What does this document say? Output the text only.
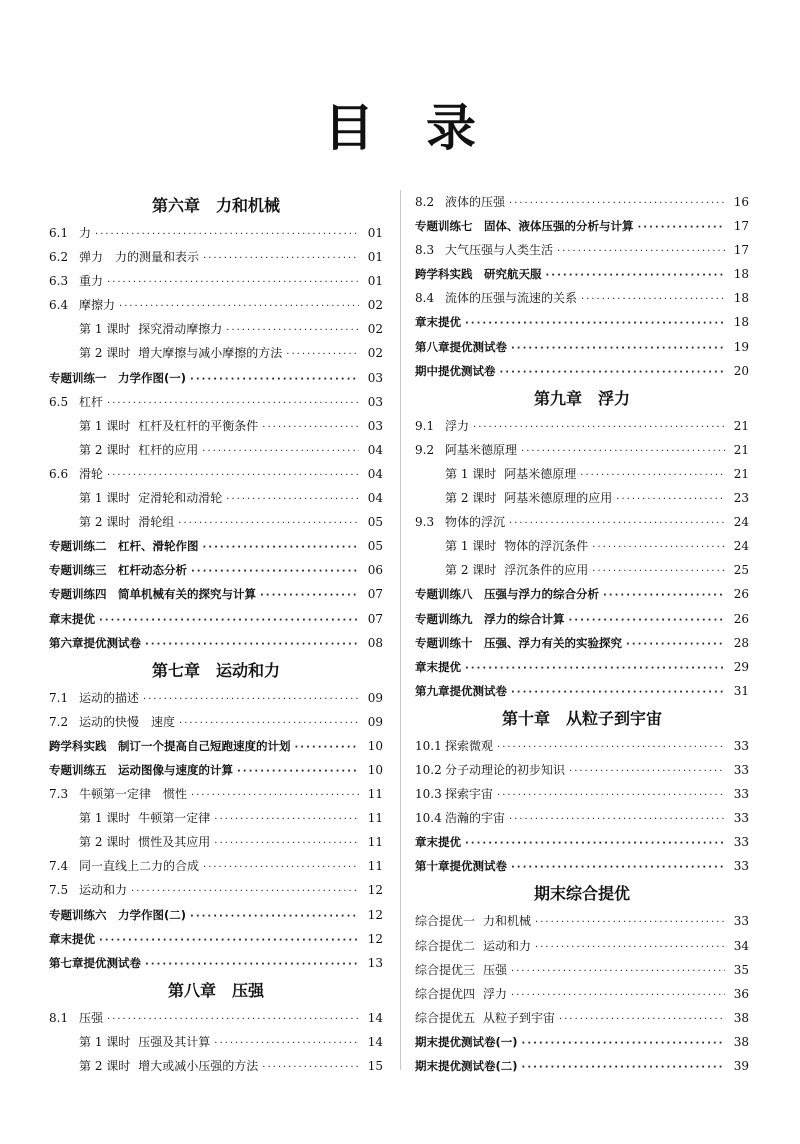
目录
第六章　力和机械
6.1 力 ·····	01
6.2 弹力　力的测量和表示 ·····	01
6.3 重力 ·····	01
6.4 摩擦力 ·····	02
第 1 课时 探究滑动摩擦力 ·····	02
第 2 课时 增大摩擦与减小摩擦的方法 ·····	02
专题训练一　力学作图(一) ·····	03
6.5 杠杆 ·····	03
第 1 课时 杠杆及杠杆的平衡条件 ·····	03
第 2 课时 杠杆的应用 ·····	04
6.6 滑轮 ·····	04
第 1 课时 定滑轮和动滑轮 ·····	04
第 2 课时 滑轮组 ·····	05
专题训练二　杠杆、滑轮作图 ·····	05
专题训练三　杠杆动态分析 ·····	06
专题训练四　简单机械有关的探究与计算 ·····	07
章末提优 ·····	07
第六章提优测试卷 ·····	08
第七章　运动和力
7.1 运动的描述 ·····	09
7.2 运动的快慢　速度 ·····	09
跨学科实践　制订一个提高自己短跑速度的计划 ·····	10
专题训练五　运动图像与速度的计算 ·····	10
7.3 牛顿第一定律　惯性 ·····	11
第 1 课时 牛顿第一定律 ·····	11
第 2 课时 惯性及其应用 ·····	11
7.4 同一直线上二力的合成 ·····	11
7.5 运动和力 ·····	12
专题训练六　力学作图(二) ·····	12
章末提优 ·····	12
第七章提优测试卷 ·····	13
第八章　压强
8.1 压强 ·····	14
第 1 课时 压强及其计算 ·····	14
第 2 课时 增大或减小压强的方法 ·····	15
8.2 液体的压强 ·····	16
专题训练七　固体、液体压强的分析与计算 ·····	17
8.3 大气压强与人类生活 ·····	17
跨学科实践　研究航天服 ·····	18
8.4 流体的压强与流速的关系 ·····	18
章末提优 ·····	18
第八章提优测试卷 ·····	19
期中提优测试卷 ·····	20
第九章　浮力
9.1 浮力 ·····	21
9.2 阿基米德原理 ·····	21
第 1 课时 阿基米德原理 ·····	21
第 2 课时 阿基米德原理的应用 ·····	23
9.3 物体的浮沉 ·····	24
第 1 课时 物体的浮沉条件 ·····	24
第 2 课时 浮沉条件的应用 ·····	25
专题训练八　压强与浮力的综合分析 ·····	26
专题训练九　浮力的综合计算 ·····	26
专题训练十　压强、浮力有关的实验探究 ·····	28
章末提优 ·····	29
第九章提优测试卷 ·····	31
第十章　从粒子到宇宙
10.1 探索微观 ·····	33
10.2 分子动理论的初步知识 ·····	33
10.3 探索宇宙 ·····	33
10.4 浩瀚的宇宙 ·····	33
章末提优 ·····	33
第十章提优测试卷 ·····	33
期末综合提优
综合提优一 力和机械 ·····	33
综合提优二 运动和力 ·····	34
综合提优三 压强 ·····	35
综合提优四 浮力 ·····	36
综合提优五 从粒子到宇宙 ·····	38
期末提优测试卷(一) ·····	38
期末提优测试卷(二) ·····	39
